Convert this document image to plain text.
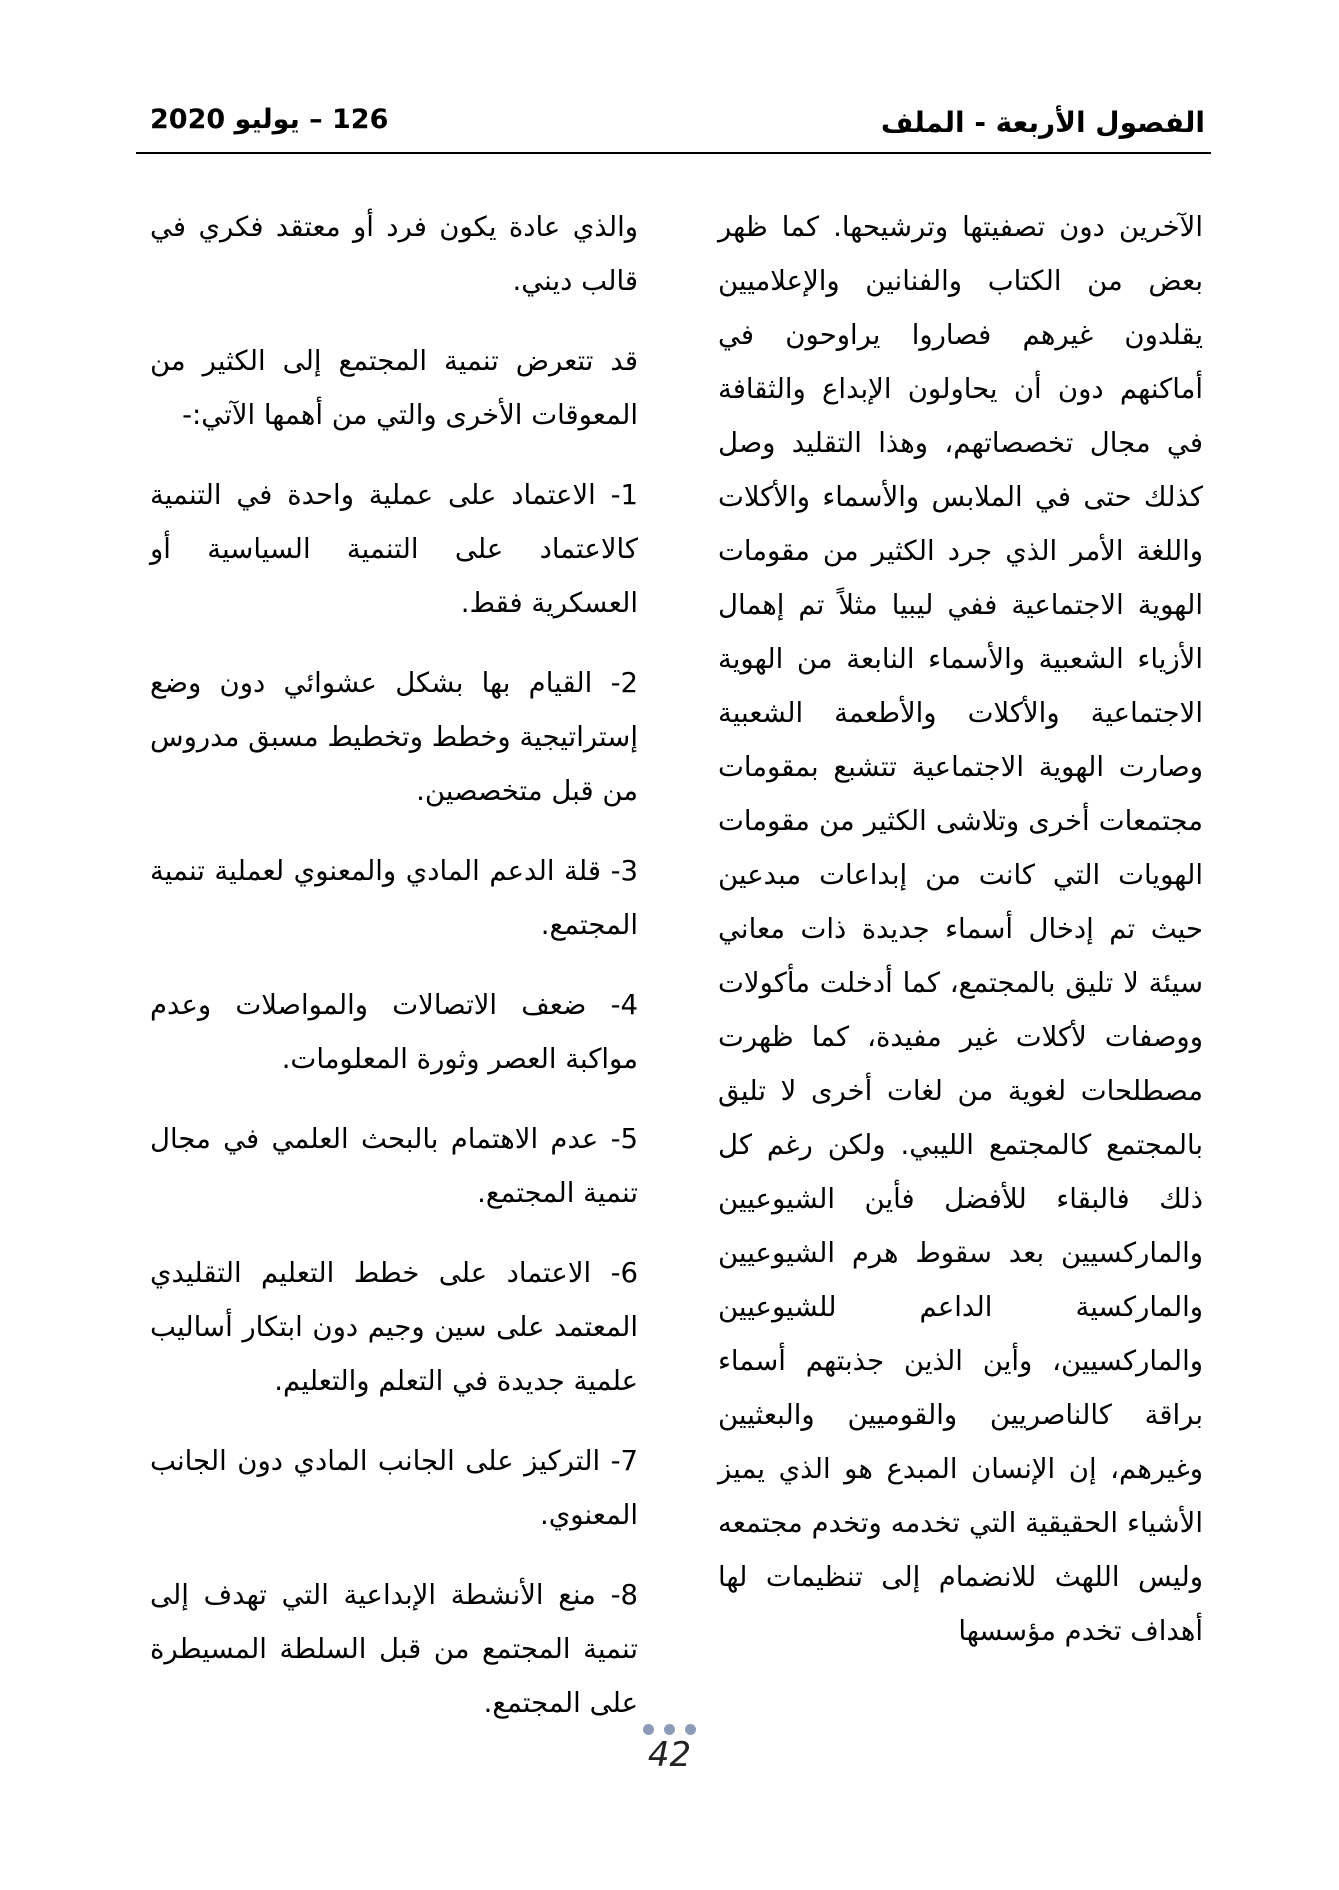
الفصول الأربعة - الملف
126 – يوليو 2020

الآخرين دون تصفيتها وترشيحها. كما ظهر بعض من الكتاب والفنانين والإعلاميين يقلدون غيرهم فصاروا يراوحون في أماكنهم دون أن يحاولون الإبداع والثقافة في مجال تخصصاتهم، وهذا التقليد وصل كذلك حتى في الملابس والأسماء والأكلات واللغة الأمر الذي جرد الكثير من مقومات الهوية الاجتماعية ففي ليبيا مثلاً تم إهمال الأزياء الشعبية والأسماء النابعة من الهوية الاجتماعية والأكلات والأطعمة الشعبية وصارت الهوية الاجتماعية تتشبع بمقومات مجتمعات أخرى وتلاشى الكثير من مقومات الهويات التي كانت من إبداعات مبدعين حيث تم إدخال أسماء جديدة ذات معاني سيئة لا تليق بالمجتمع، كما أدخلت مأكولات ووصفات لأكلات غير مفيدة، كما ظهرت مصطلحات لغوية من لغات أخرى لا تليق بالمجتمع كالمجتمع الليبي. ولكن رغم كل ذلك فالبقاء للأفضل فأين الشيوعيين والماركسيين بعد سقوط هرم الشيوعيين والماركسية الداعم للشيوعيين والماركسيين، وأين الذين جذبتهم أسماء براقة كالناصريين والقوميين والبعثيين وغيرهم، إن الإنسان المبدع هو الذي يميز الأشياء الحقيقية التي تخدمه وتخدم مجتمعه وليس اللهث للانضمام إلى تنظيمات لها أهداف تخدم مؤسسها

والذي عادة يكون فرد أو معتقد فكري في قالب ديني.

قد تتعرض تنمية المجتمع إلى الكثير من المعوقات الأخرى والتي من أهمها الآتي:-

1- الاعتماد على عملية واحدة في التنمية كالاعتماد على التنمية السياسية أو العسكرية فقط.

2- القيام بها بشكل عشوائي دون وضع إستراتيجية وخطط وتخطيط مسبق مدروس من قبل متخصصين.

3- قلة الدعم المادي والمعنوي لعملية تنمية المجتمع.

4- ضعف الاتصالات والمواصلات وعدم مواكبة العصر وثورة المعلومات.

5- عدم الاهتمام بالبحث العلمي في مجال تنمية المجتمع.

6- الاعتماد على خطط التعليم التقليدي المعتمد على سين وجيم دون ابتكار أساليب علمية جديدة في التعلم والتعليم.

7- التركيز على الجانب المادي دون الجانب المعنوي.

8- منع الأنشطة الإبداعية التي تهدف إلى تنمية المجتمع من قبل السلطة المسيطرة على المجتمع.

42
